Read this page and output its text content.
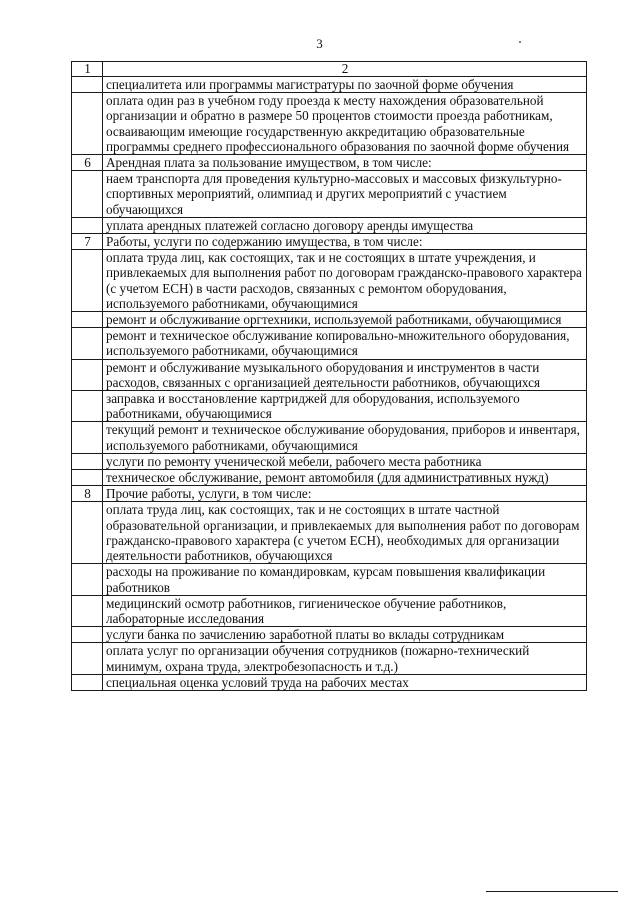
3
1	2
	специалитета или программы магистратуры по заочной форме обучения
	оплата один раз в учебном году проезда к месту нахождения образовательной организации и обратно в размере 50 процентов стоимости проезда работникам, осваивающим имеющие государственную аккредитацию образовательные программы среднего профессионального образования по заочной форме обучения
6	Арендная плата за пользование имуществом, в том числе:
	наем транспорта для проведения культурно-массовых и массовых физкультурно-спортивных мероприятий, олимпиад и других мероприятий с участием обучающихся
	уплата арендных платежей согласно договору аренды имущества
7	Работы, услуги по содержанию имущества, в том числе:
	оплата труда лиц, как состоящих, так и не состоящих в штате учреждения, и привлекаемых для выполнения работ по договорам гражданско-правового характера (с учетом ЕСН) в части расходов, связанных с ремонтом оборудования, используемого работниками, обучающимися
	ремонт и обслуживание оргтехники, используемой работниками, обучающимися
	ремонт и техническое обслуживание копировально-множительного оборудования, используемого работниками, обучающимися
	ремонт и обслуживание музыкального оборудования и инструментов в части расходов, связанных с организацией деятельности работников, обучающихся
	заправка и восстановление картриджей для оборудования, используемого работниками, обучающимися
	текущий ремонт и техническое обслуживание оборудования, приборов и инвентаря, используемого работниками, обучающимися
	услуги по ремонту ученической мебели, рабочего места работника
	техническое обслуживание, ремонт автомобиля (для административных нужд)
8	Прочие работы, услуги, в том числе:
	оплата труда лиц, как состоящих, так и не состоящих в штате частной образовательной организации, и привлекаемых для выполнения работ по договорам гражданско-правового характера (с учетом ЕСН), необходимых для организации деятельности работников, обучающихся
	расходы на проживание по командировкам, курсам повышения квалификации работников
	медицинский осмотр работников, гигиеническое обучение работников, лабораторные исследования
	услуги банка по зачислению заработной платы во вклады сотрудникам
	оплата услуг по организации обучения сотрудников (пожарно-технический минимум, охрана труда, электробезопасность и т.д.)
	специальная оценка условий труда на рабочих местах
